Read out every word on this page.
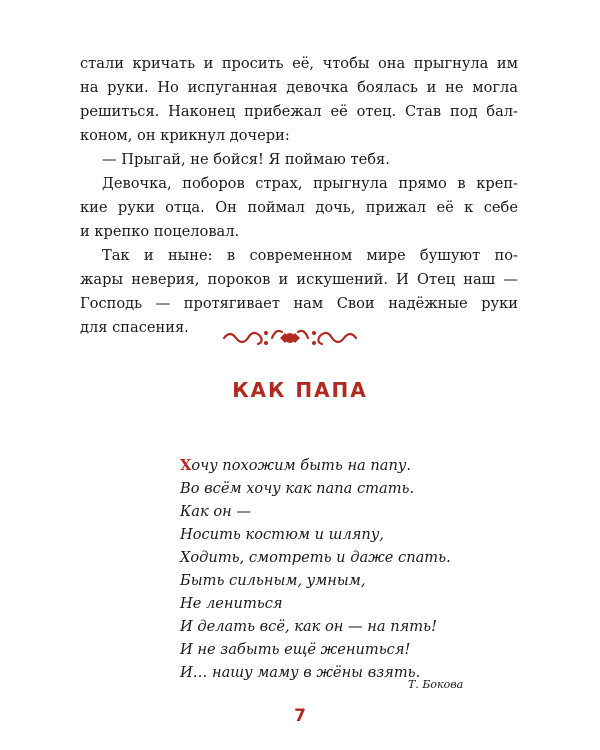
стали кричать и просить её, чтобы она прыгнула им
на руки. Но испуганная девочка боялась и не могла
решиться. Наконец прибежал её отец. Став под бал-
коном, он крикнул дочери:
— Прыгай, не бойся! Я поймаю тебя.
Девочка, поборов страх, прыгнула прямо в креп-
кие руки отца. Он поймал дочь, прижал её к себе
и крепко поцеловал.
Так и ныне: в современном мире бушуют по-
жары неверия, пороков и искушений. И Отец наш —
Господь — протягивает нам Свои надёжные руки
для спасения.
КАК ПАПА
Хочу похожим быть на папу.
Во всём хочу как папа стать.
Как он —
Носить костюм и шляпу,
Ходить, смотреть и даже спать.
Быть сильным, умным,
Не лениться
И делать всё, как он — на пять!
И не забыть ещё жениться!
И… нашу маму в жёны взять.
Т. Бокова
7
